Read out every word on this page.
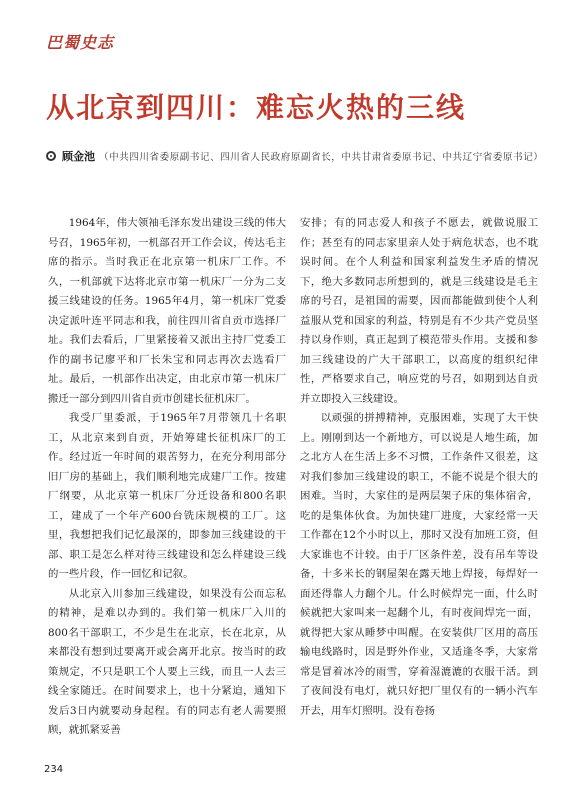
巴蜀史志
从北京到四川：难忘火热的三线
顾金池 （中共四川省委原副书记、四川省人民政府原副省长，中共甘肃省委原书记、中共辽宁省委原书记）

1964年，伟大领袖毛泽东发出建设三线的伟大号召，1965年初，一机部召开工作会议，传达毛主席的指示。当时我正在北京第一机床厂工作。不久，一机部就下达将北京市第一机床厂一分为二支援三线建设的任务。1965年4月，第一机床厂党委决定派叶连平同志和我，前往四川省自贡市选择厂址。我们去看后，厂里紧接着又派出主持厂党委工作的副书记廖平和厂长朱宝和同志再次去选看厂址。最后，一机部作出决定，由北京市第一机床厂搬迁一部分到四川省自贡市创建长征机床厂。

我受厂里委派，于1965年7月带领几十名职工，从北京来到自贡，开始筹建长征机床厂的工作。经过近一年时间的艰苦努力，在充分利用部分旧厂房的基础上，我们顺利地完成建厂工作。按建厂纲要，从北京第一机床厂分迁设备和800名职工，建成了一个年产600台铣床规模的工厂。这里，我想把我们记忆最深的，即参加三线建设的干部、职工是怎么样对待三线建设和怎么样建设三线的一些片段，作一回忆和记叙。

从北京入川参加三线建设，如果没有公而忘私的精神，是难以办到的。我们第一机床厂入川的800名干部职工，不少是生在北京，长在北京，从来都没有想到过要离开或会离开北京。按当时的政策规定，不只是职工个人要上三线，而且一人去三线全家随迁。在时间要求上，也十分紧迫，通知下发后3日内就要动身起程。有的同志有老人需要照顾，就抓紧妥善

安排；有的同志爱人和孩子不愿去，就做说服工作；甚至有的同志家里亲人处于病危状态，也不耽误时间。在个人利益和国家利益发生矛盾的情况下，绝大多数同志所想到的，就是三线建设是毛主席的号召，是祖国的需要，因而都能做到使个人利益服从党和国家的利益，特别是有不少共产党员坚持以身作则，真正起到了模范带头作用。支援和参加三线建设的广大干部职工，以高度的组织纪律性，严格要求自己，响应党的号召，如期到达自贡并立即投入三线建设。

以顽强的拼搏精神，克服困难，实现了大干快上。刚刚到达一个新地方，可以说是人地生疏，加之北方人在生活上多不习惯，工作条件又很差，这对我们参加三线建设的职工，不能不说是个很大的困难。当时，大家住的是两层架子床的集体宿舍，吃的是集体伙食。为加快建厂进度，大家经常一天工作都在12个小时以上，那时又没有加班工资，但大家谁也不计较。由于厂区条件差，没有吊车等设备，十多米长的钢屋架在露天地上焊接，每焊好一面还得靠人力翻个儿。什么时候焊完一面，什么时候就把大家叫来一起翻个儿，有时夜间焊完一面，就得把大家从睡梦中叫醒。在安装供厂区用的高压输电线路时，因是野外作业，又适逢冬季，大家常常是冒着冰冷的雨雪，穿着湿漉漉的衣服干活。到了夜间没有电灯，就只好把厂里仅有的一辆小汽车开去，用车灯照明。没有卷扬

234
